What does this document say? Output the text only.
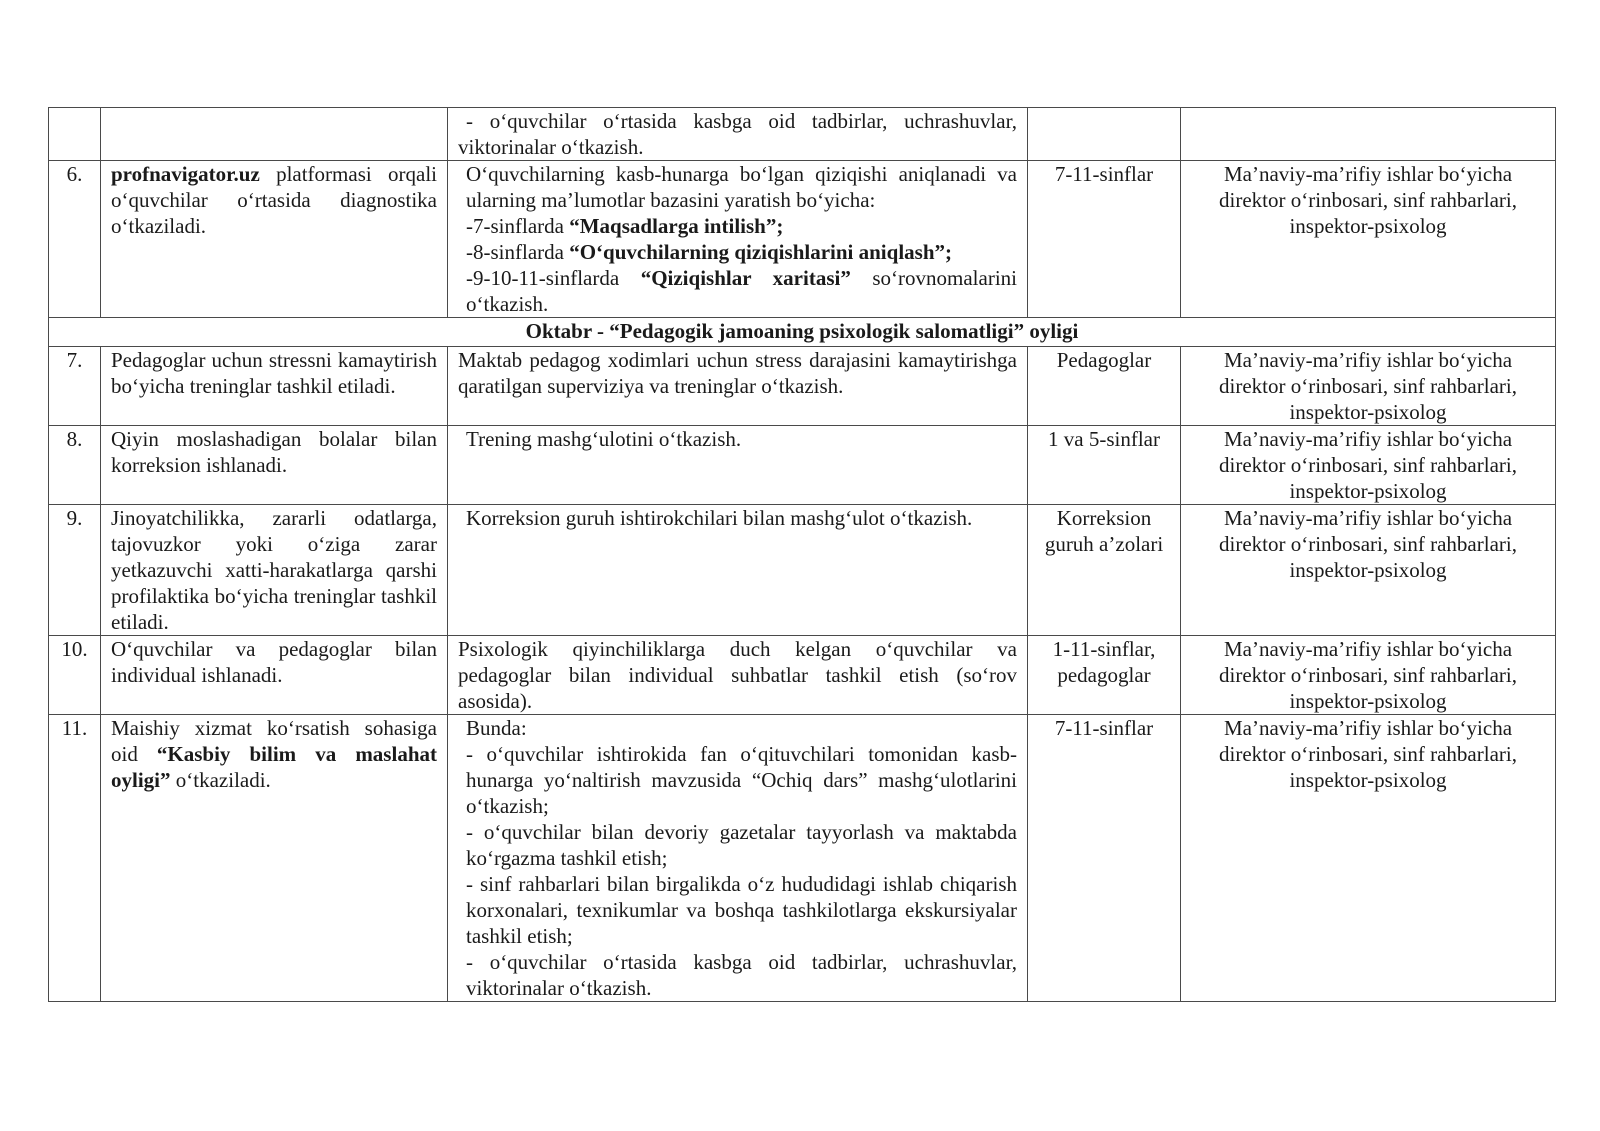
		- o‘quvchilar o‘rtasida kasbga oid tadbirlar, uchrashuvlar, viktorinalar o‘tkazish.		
6.	profnavigator.uz platformasi orqali o‘quvchilar o‘rtasida diagnostika o‘tkaziladi.	O‘quvchilarning kasb-hunarga bo‘lgan qiziqishi aniqlanadi va ularning ma’lumotlar bazasini yaratish bo‘yicha:
-7-sinflarda “Maqsadlarga intilish”;
-8-sinflarda “O‘quvchilarning qiziqishlarini aniqlash”;
-9-10-11-sinflarda “Qiziqishlar xaritasi” so‘rovnomalarini o‘tkazish.	7-11-sinflar	Ma’naviy-ma’rifiy ishlar bo‘yicha direktor o‘rinbosari, sinf rahbarlari, inspektor-psixolog
Oktabr - “Pedagogik jamoaning psixologik salomatligi” oyligi				
7.	Pedagoglar uchun stressni kamaytirish bo‘yicha treninglar tashkil etiladi.	Maktab pedagog xodimlari uchun stress darajasini kamaytirishga qaratilgan superviziya va treninglar o‘tkazish.	Pedagoglar	Ma’naviy-ma’rifiy ishlar bo‘yicha direktor o‘rinbosari, sinf rahbarlari, inspektor-psixolog
8.	Qiyin moslashadigan bolalar bilan korreksion ishlanadi.	Trening mashg‘ulotini o‘tkazish.	1 va 5-sinflar	Ma’naviy-ma’rifiy ishlar bo‘yicha direktor o‘rinbosari, sinf rahbarlari, inspektor-psixolog
9.	Jinoyatchilikka, zararli odatlarga, tajovuzkor yoki o‘ziga zarar yetkazuvchi xatti-harakatlarga qarshi profilaktika bo‘yicha treninglar tashkil etiladi.	Korreksion guruh ishtirokchilari bilan mashg‘ulot o‘tkazish.	Korreksion guruh a’zolari	Ma’naviy-ma’rifiy ishlar bo‘yicha direktor o‘rinbosari, sinf rahbarlari, inspektor-psixolog
10.	O‘quvchilar va pedagoglar bilan individual ishlanadi.	Psixologik qiyinchiliklarga duch kelgan o‘quvchilar va pedagoglar bilan individual suhbatlar tashkil etish (so‘rov asosida).	1-11-sinflar, pedagoglar	Ma’naviy-ma’rifiy ishlar bo‘yicha direktor o‘rinbosari, sinf rahbarlari, inspektor-psixolog
11.	Maishiy xizmat ko‘rsatish sohasiga oid “Kasbiy bilim va maslahat oyligi” o‘tkaziladi.	Bunda:
- o‘quvchilar ishtirokida fan o‘qituvchilari tomonidan kasb-hunarga yo‘naltirish mavzusida “Ochiq dars” mashg‘ulotlarini o‘tkazish;
- o‘quvchilar bilan devoriy gazetalar tayyorlash va maktabda ko‘rgazma tashkil etish;
- sinf rahbarlari bilan birgalikda o‘z hududidagi ishlab chiqarish korxonalari, texnikumlar va boshqa tashkilotlarga ekskursiyalar tashkil etish;
- o‘quvchilar o‘rtasida kasbga oid tadbirlar, uchrashuvlar, viktorinalar o‘tkazish.	7-11-sinflar	Ma’naviy-ma’rifiy ishlar bo‘yicha direktor o‘rinbosari, sinf rahbarlari, inspektor-psixolog
